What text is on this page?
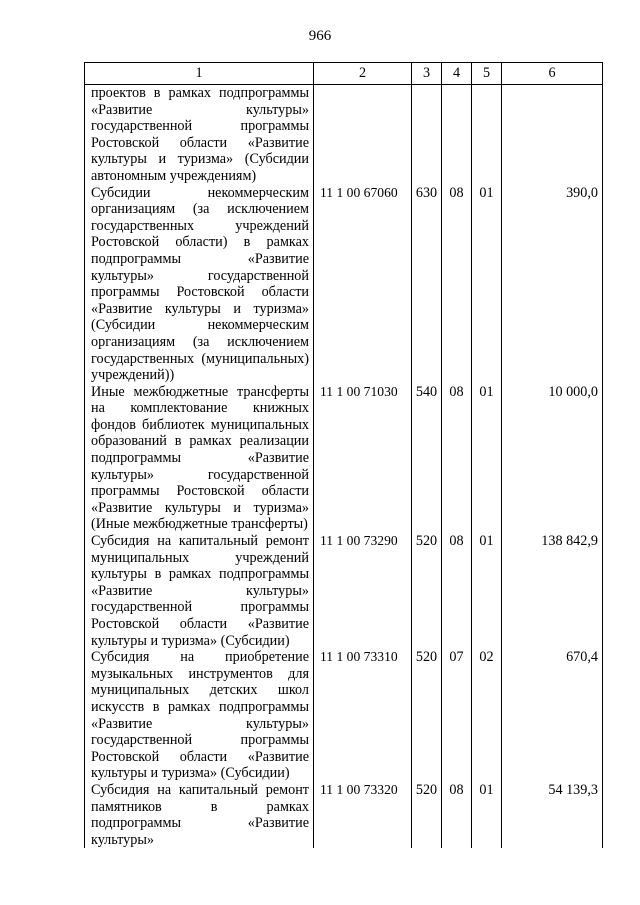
966
1	2	3	4	5	6
проектов в рамках подпрограммы «Развитие культуры» государственной программы Ростовской области «Развитие культуры и туризма» (Субсидии автономным учреждениям)					
Субсидии некоммерческим организациям (за исключением государственных учреждений Ростовской области) в рамках подпрограммы «Развитие культуры» государственной программы Ростовской области «Развитие культуры и туризма» (Субсидии некоммерческим организациям (за исключением государственных (муниципальных) учреждений))	11 1 00 67060	630	08	01	390,0
Иные межбюджетные трансферты на комплектование книжных фондов библиотек муниципальных образований в рамках реализации подпрограммы «Развитие культуры» государственной программы Ростовской области «Развитие культуры и туризма» (Иные межбюджетные трансферты)	11 1 00 71030	540	08	01	10 000,0
Субсидия на капитальный ремонт муниципальных учреждений культуры в рамках подпрограммы «Развитие культуры» государственной программы Ростовской области «Развитие культуры и туризма» (Субсидии)	11 1 00 73290	520	08	01	138 842,9
Субсидия на приобретение музыкальных инструментов для муниципальных детских школ искусств в рамках подпрограммы «Развитие культуры» государственной программы Ростовской области «Развитие культуры и туризма» (Субсидии)	11 1 00 73310	520	07	02	670,4
Субсидия на капитальный ремонт памятников в рамках подпрограммы «Развитие культуры»	11 1 00 73320	520	08	01	54 139,3
